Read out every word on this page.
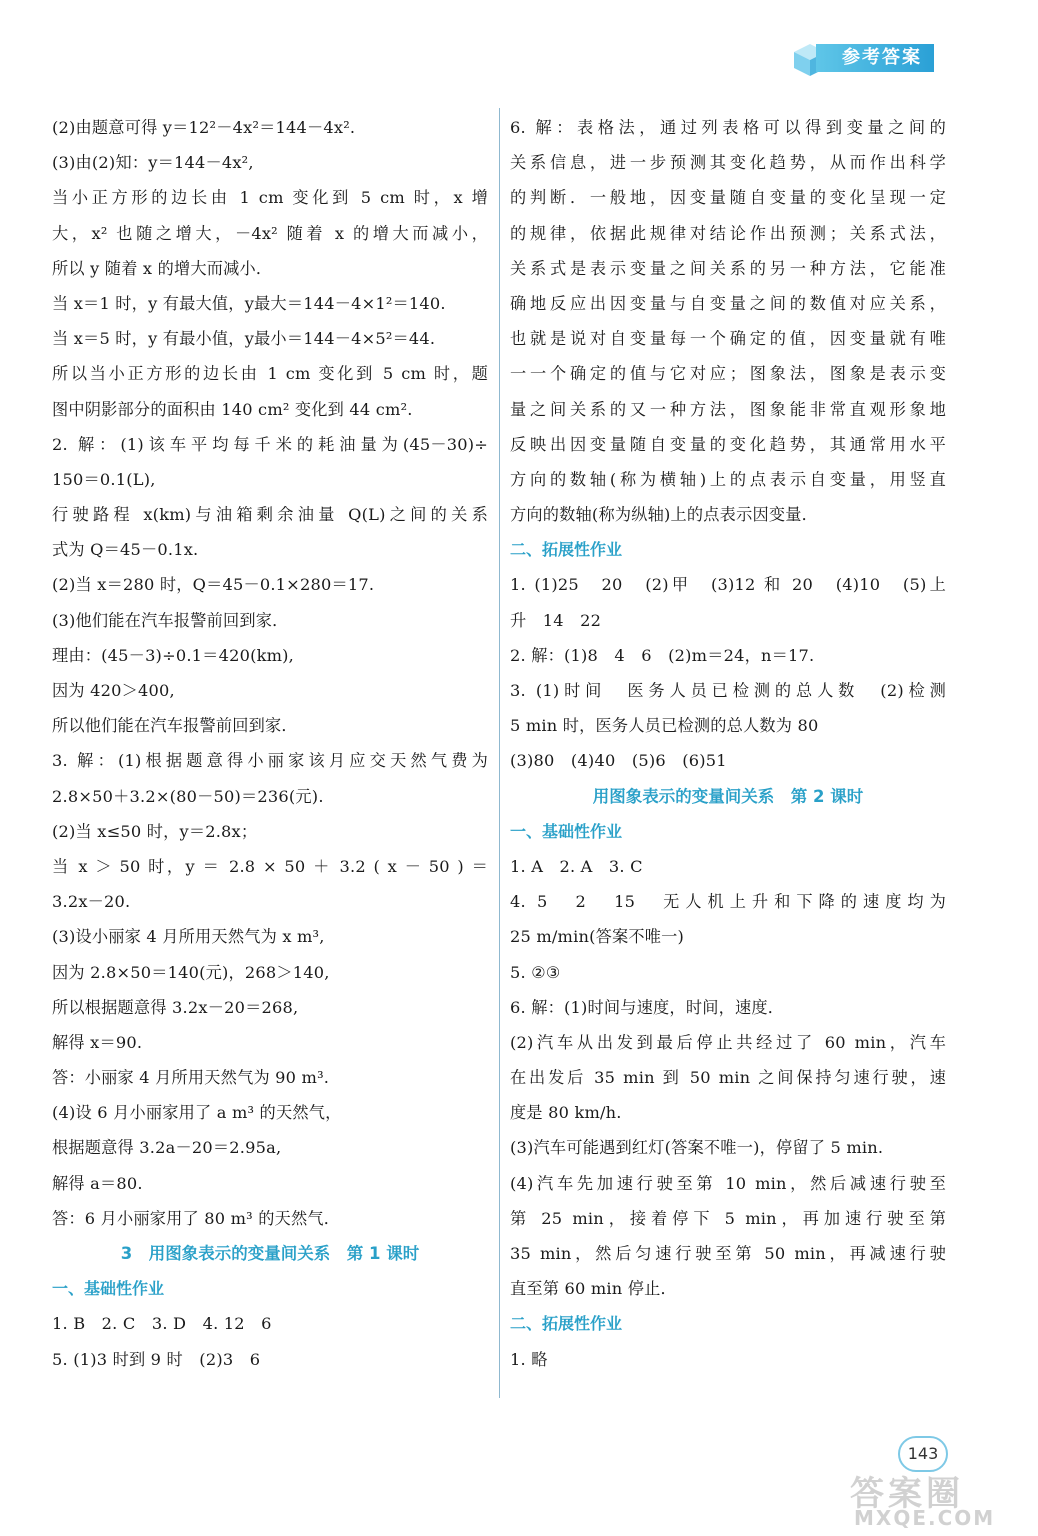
参考答案
(2)由题意可得 y＝12²－4x²＝144－4x².
(3)由(2)知：y＝144－4x²,
当小正方形的边长由 1 cm 变化到 5 cm 时，x 增
大，x² 也随之增大，－4x² 随着 x 的增大而减小，
所以 y 随着 x 的增大而减小．
当 x＝1 时，y 有最大值，y最大＝144－4×1²＝140.
当 x＝5 时，y 有最小值，y最小＝144－4×5²＝44.
所以当小正方形的边长由 1 cm 变化到 5 cm 时，题
图中阴影部分的面积由 140 cm² 变化到 44 cm².
2. 解：(1)该车平均每千米的耗油量为(45－30)÷
150＝0.1(L),
行驶路程 x(km)与油箱剩余油量 Q(L)之间的关系
式为 Q＝45－0.1x.
(2)当 x＝280 时，Q＝45－0.1×280＝17.
(3)他们能在汽车报警前回到家．
理由：(45－3)÷0.1＝420(km),
因为 420＞400,
所以他们能在汽车报警前回到家．
3. 解：(1)根据题意得小丽家该月应交天然气费为
2.8×50＋3.2×(80－50)＝236(元).
(2)当 x≤50 时，y＝2.8x；
当 x ＞ 50 时，y ＝ 2.8 × 50 ＋ 3.2 ( x － 50 ) ＝
3.2x－20.
(3)设小丽家 4 月所用天然气为 x m³,
因为 2.8×50＝140(元)，268＞140,
所以根据题意得 3.2x－20＝268,
解得 x＝90.
答：小丽家 4 月所用天然气为 90 m³.
(4)设 6 月小丽家用了 a m³ 的天然气，
根据题意得 3.2a－20＝2.95a,
解得 a＝80.
答：6 月小丽家用了 80 m³ 的天然气．
3　用图象表示的变量间关系　第 1 课时
一、基础性作业
1. B　2. C　3. D　4. 12　6
5. (1)3 时到 9 时　(2)3　6
6. 解：表格法，通过列表格可以得到变量之间的
关系信息，进一步预测其变化趋势，从而作出科学
的判断．一般地，因变量随自变量的变化呈现一定
的规律，依据此规律对结论作出预测；关系式法，
关系式是表示变量之间关系的另一种方法，它能准
确地反应出因变量与自变量之间的数值对应关系，
也就是说对自变量每一个确定的值，因变量就有唯
一一个确定的值与它对应；图象法，图象是表示变
量之间关系的又一种方法，图象能非常直观形象地
反映出因变量随自变量的变化趋势，其通常用水平
方向的数轴(称为横轴)上的点表示自变量，用竖直
方向的数轴(称为纵轴)上的点表示因变量．
二、拓展性作业
1. (1)25　20　(2)甲　(3)12 和 20　(4)10　(5)上
升　14　22
2. 解：(1)8　4　6　(2)m＝24，n＝17.
3. (1)时间　医务人员已检测的总人数　(2)检测
5 min 时，医务人员已检测的总人数为 80
(3)80　(4)40　(5)6　(6)51
用图象表示的变量间关系　第 2 课时
一、基础性作业
1. A　2. A　3. C
4. 5　2　15　无人机上升和下降的速度均为
25 m/min(答案不唯一)
5. ②③
6. 解：(1)时间与速度，时间，速度．
(2)汽车从出发到最后停止共经过了 60 min，汽车
在出发后 35 min 到 50 min 之间保持匀速行驶，速
度是 80 km/h.
(3)汽车可能遇到红灯(答案不唯一)，停留了 5 min.
(4)汽车先加速行驶至第 10 min，然后减速行驶至
第 25 min，接着停下 5 min，再加速行驶至第
35 min，然后匀速行驶至第 50 min，再减速行驶
直至第 60 min 停止．
二、拓展性作业
1. 略
143
答案圈
MXQE.COM
